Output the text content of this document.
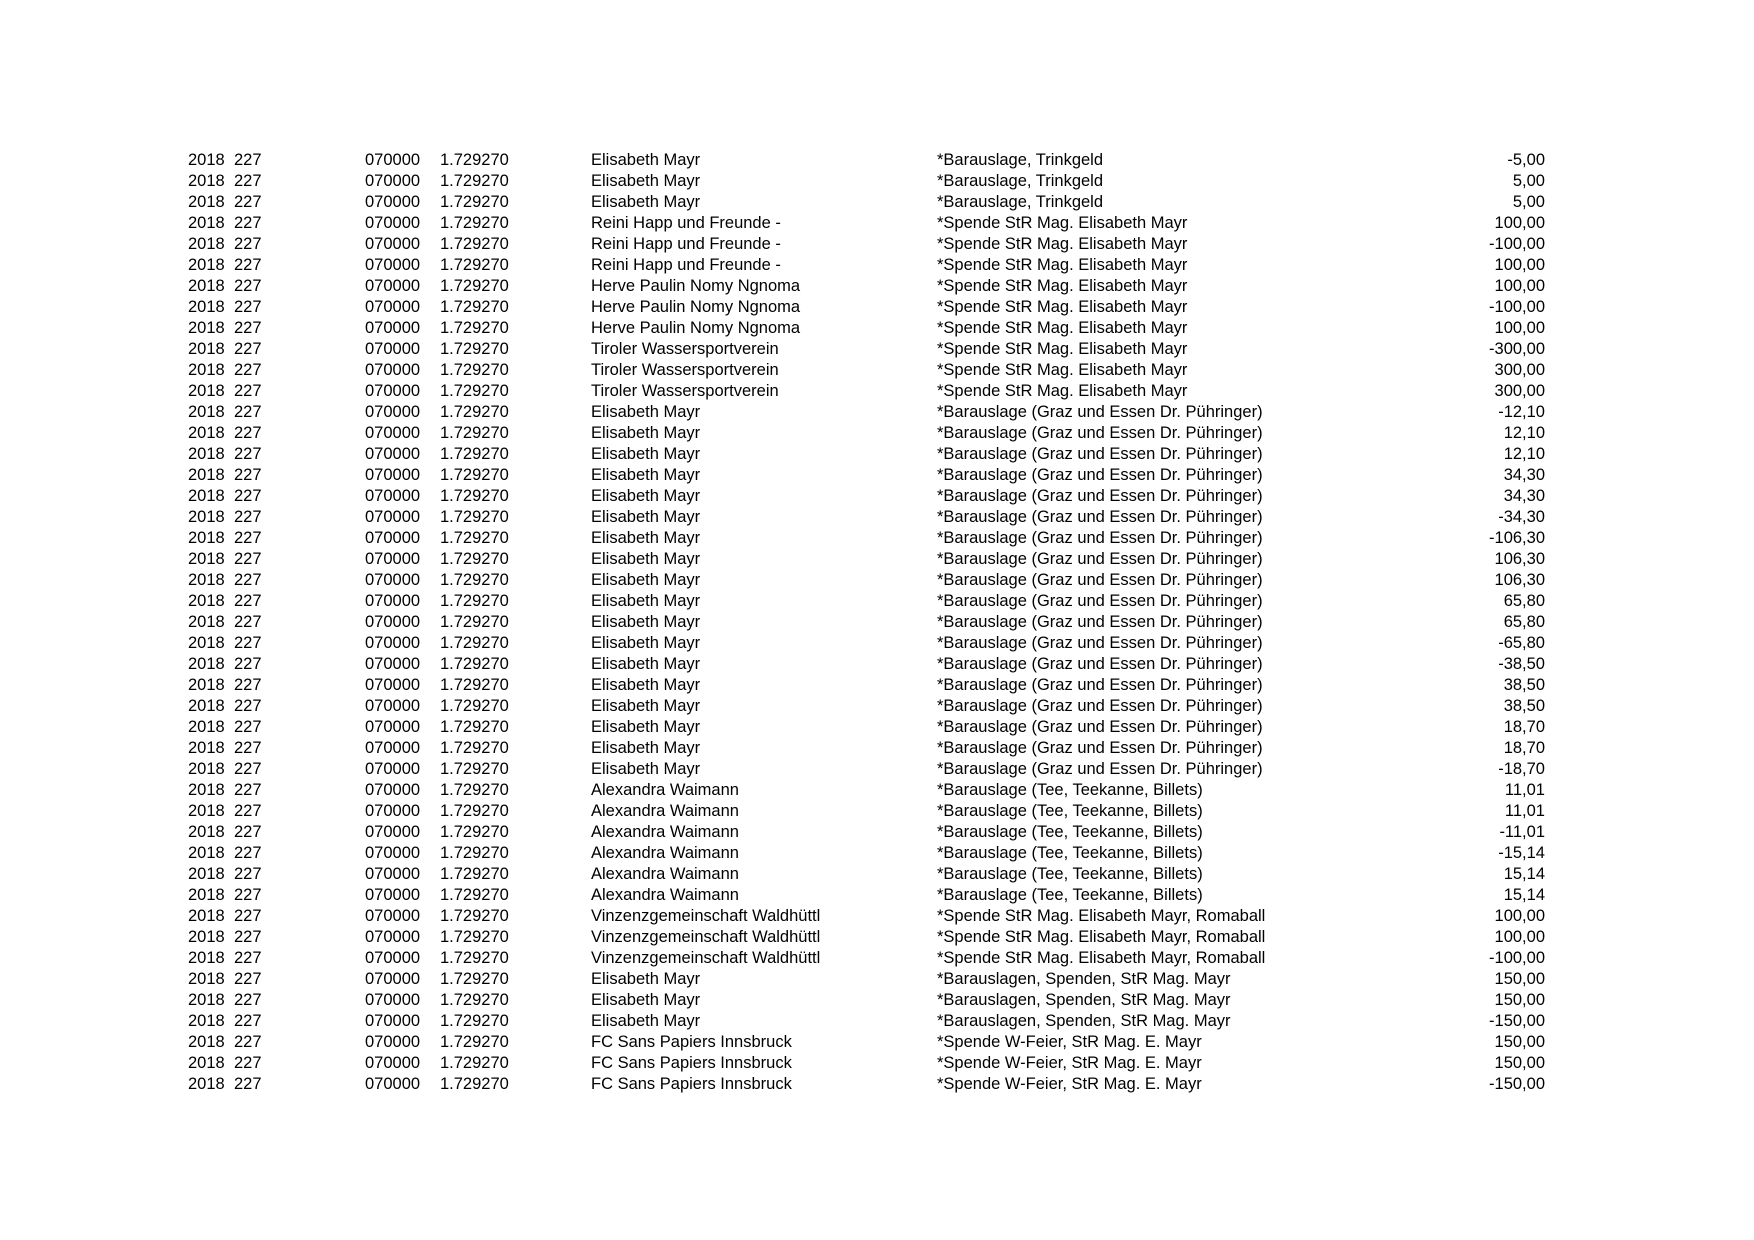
2018 227	070000 1.729270	Elisabeth Mayr	*Barauslage, Trinkgeld	-5,00
2018 227	070000 1.729270	Elisabeth Mayr	*Barauslage, Trinkgeld	5,00
2018 227	070000 1.729270	Elisabeth Mayr	*Barauslage, Trinkgeld	5,00
2018 227	070000 1.729270	Reini Happ und Freunde -	*Spende StR Mag. Elisabeth Mayr	100,00
2018 227	070000 1.729270	Reini Happ und Freunde -	*Spende StR Mag. Elisabeth Mayr	-100,00
2018 227	070000 1.729270	Reini Happ und Freunde -	*Spende StR Mag. Elisabeth Mayr	100,00
2018 227	070000 1.729270	Herve Paulin Nomy Ngnoma	*Spende StR Mag. Elisabeth Mayr	100,00
2018 227	070000 1.729270	Herve Paulin Nomy Ngnoma	*Spende StR Mag. Elisabeth Mayr	-100,00
2018 227	070000 1.729270	Herve Paulin Nomy Ngnoma	*Spende StR Mag. Elisabeth Mayr	100,00
2018 227	070000 1.729270	Tiroler Wassersportverein	*Spende StR Mag. Elisabeth Mayr	-300,00
2018 227	070000 1.729270	Tiroler Wassersportverein	*Spende StR Mag. Elisabeth Mayr	300,00
2018 227	070000 1.729270	Tiroler Wassersportverein	*Spende StR Mag. Elisabeth Mayr	300,00
2018 227	070000 1.729270	Elisabeth Mayr	*Barauslage (Graz und Essen Dr. Pühringer)	-12,10
2018 227	070000 1.729270	Elisabeth Mayr	*Barauslage (Graz und Essen Dr. Pühringer)	12,10
2018 227	070000 1.729270	Elisabeth Mayr	*Barauslage (Graz und Essen Dr. Pühringer)	12,10
2018 227	070000 1.729270	Elisabeth Mayr	*Barauslage (Graz und Essen Dr. Pühringer)	34,30
2018 227	070000 1.729270	Elisabeth Mayr	*Barauslage (Graz und Essen Dr. Pühringer)	34,30
2018 227	070000 1.729270	Elisabeth Mayr	*Barauslage (Graz und Essen Dr. Pühringer)	-34,30
2018 227	070000 1.729270	Elisabeth Mayr	*Barauslage (Graz und Essen Dr. Pühringer)	-106,30
2018 227	070000 1.729270	Elisabeth Mayr	*Barauslage (Graz und Essen Dr. Pühringer)	106,30
2018 227	070000 1.729270	Elisabeth Mayr	*Barauslage (Graz und Essen Dr. Pühringer)	106,30
2018 227	070000 1.729270	Elisabeth Mayr	*Barauslage (Graz und Essen Dr. Pühringer)	65,80
2018 227	070000 1.729270	Elisabeth Mayr	*Barauslage (Graz und Essen Dr. Pühringer)	65,80
2018 227	070000 1.729270	Elisabeth Mayr	*Barauslage (Graz und Essen Dr. Pühringer)	-65,80
2018 227	070000 1.729270	Elisabeth Mayr	*Barauslage (Graz und Essen Dr. Pühringer)	-38,50
2018 227	070000 1.729270	Elisabeth Mayr	*Barauslage (Graz und Essen Dr. Pühringer)	38,50
2018 227	070000 1.729270	Elisabeth Mayr	*Barauslage (Graz und Essen Dr. Pühringer)	38,50
2018 227	070000 1.729270	Elisabeth Mayr	*Barauslage (Graz und Essen Dr. Pühringer)	18,70
2018 227	070000 1.729270	Elisabeth Mayr	*Barauslage (Graz und Essen Dr. Pühringer)	18,70
2018 227	070000 1.729270	Elisabeth Mayr	*Barauslage (Graz und Essen Dr. Pühringer)	-18,70
2018 227	070000 1.729270	Alexandra Waimann	*Barauslage (Tee, Teekanne, Billets)	11,01
2018 227	070000 1.729270	Alexandra Waimann	*Barauslage (Tee, Teekanne, Billets)	11,01
2018 227	070000 1.729270	Alexandra Waimann	*Barauslage (Tee, Teekanne, Billets)	-11,01
2018 227	070000 1.729270	Alexandra Waimann	*Barauslage (Tee, Teekanne, Billets)	-15,14
2018 227	070000 1.729270	Alexandra Waimann	*Barauslage (Tee, Teekanne, Billets)	15,14
2018 227	070000 1.729270	Alexandra Waimann	*Barauslage (Tee, Teekanne, Billets)	15,14
2018 227	070000 1.729270	Vinzenzgemeinschaft Waldhüttl	*Spende StR Mag. Elisabeth Mayr, Romaball	100,00
2018 227	070000 1.729270	Vinzenzgemeinschaft Waldhüttl	*Spende StR Mag. Elisabeth Mayr, Romaball	100,00
2018 227	070000 1.729270	Vinzenzgemeinschaft Waldhüttl	*Spende StR Mag. Elisabeth Mayr, Romaball	-100,00
2018 227	070000 1.729270	Elisabeth Mayr	*Barauslagen, Spenden, StR Mag. Mayr	150,00
2018 227	070000 1.729270	Elisabeth Mayr	*Barauslagen, Spenden, StR Mag. Mayr	150,00
2018 227	070000 1.729270	Elisabeth Mayr	*Barauslagen, Spenden, StR Mag. Mayr	-150,00
2018 227	070000 1.729270	FC Sans Papiers Innsbruck	*Spende W-Feier, StR Mag. E. Mayr	150,00
2018 227	070000 1.729270	FC Sans Papiers Innsbruck	*Spende W-Feier, StR Mag. E. Mayr	150,00
2018 227	070000 1.729270	FC Sans Papiers Innsbruck	*Spende W-Feier, StR Mag. E. Mayr	-150,00
